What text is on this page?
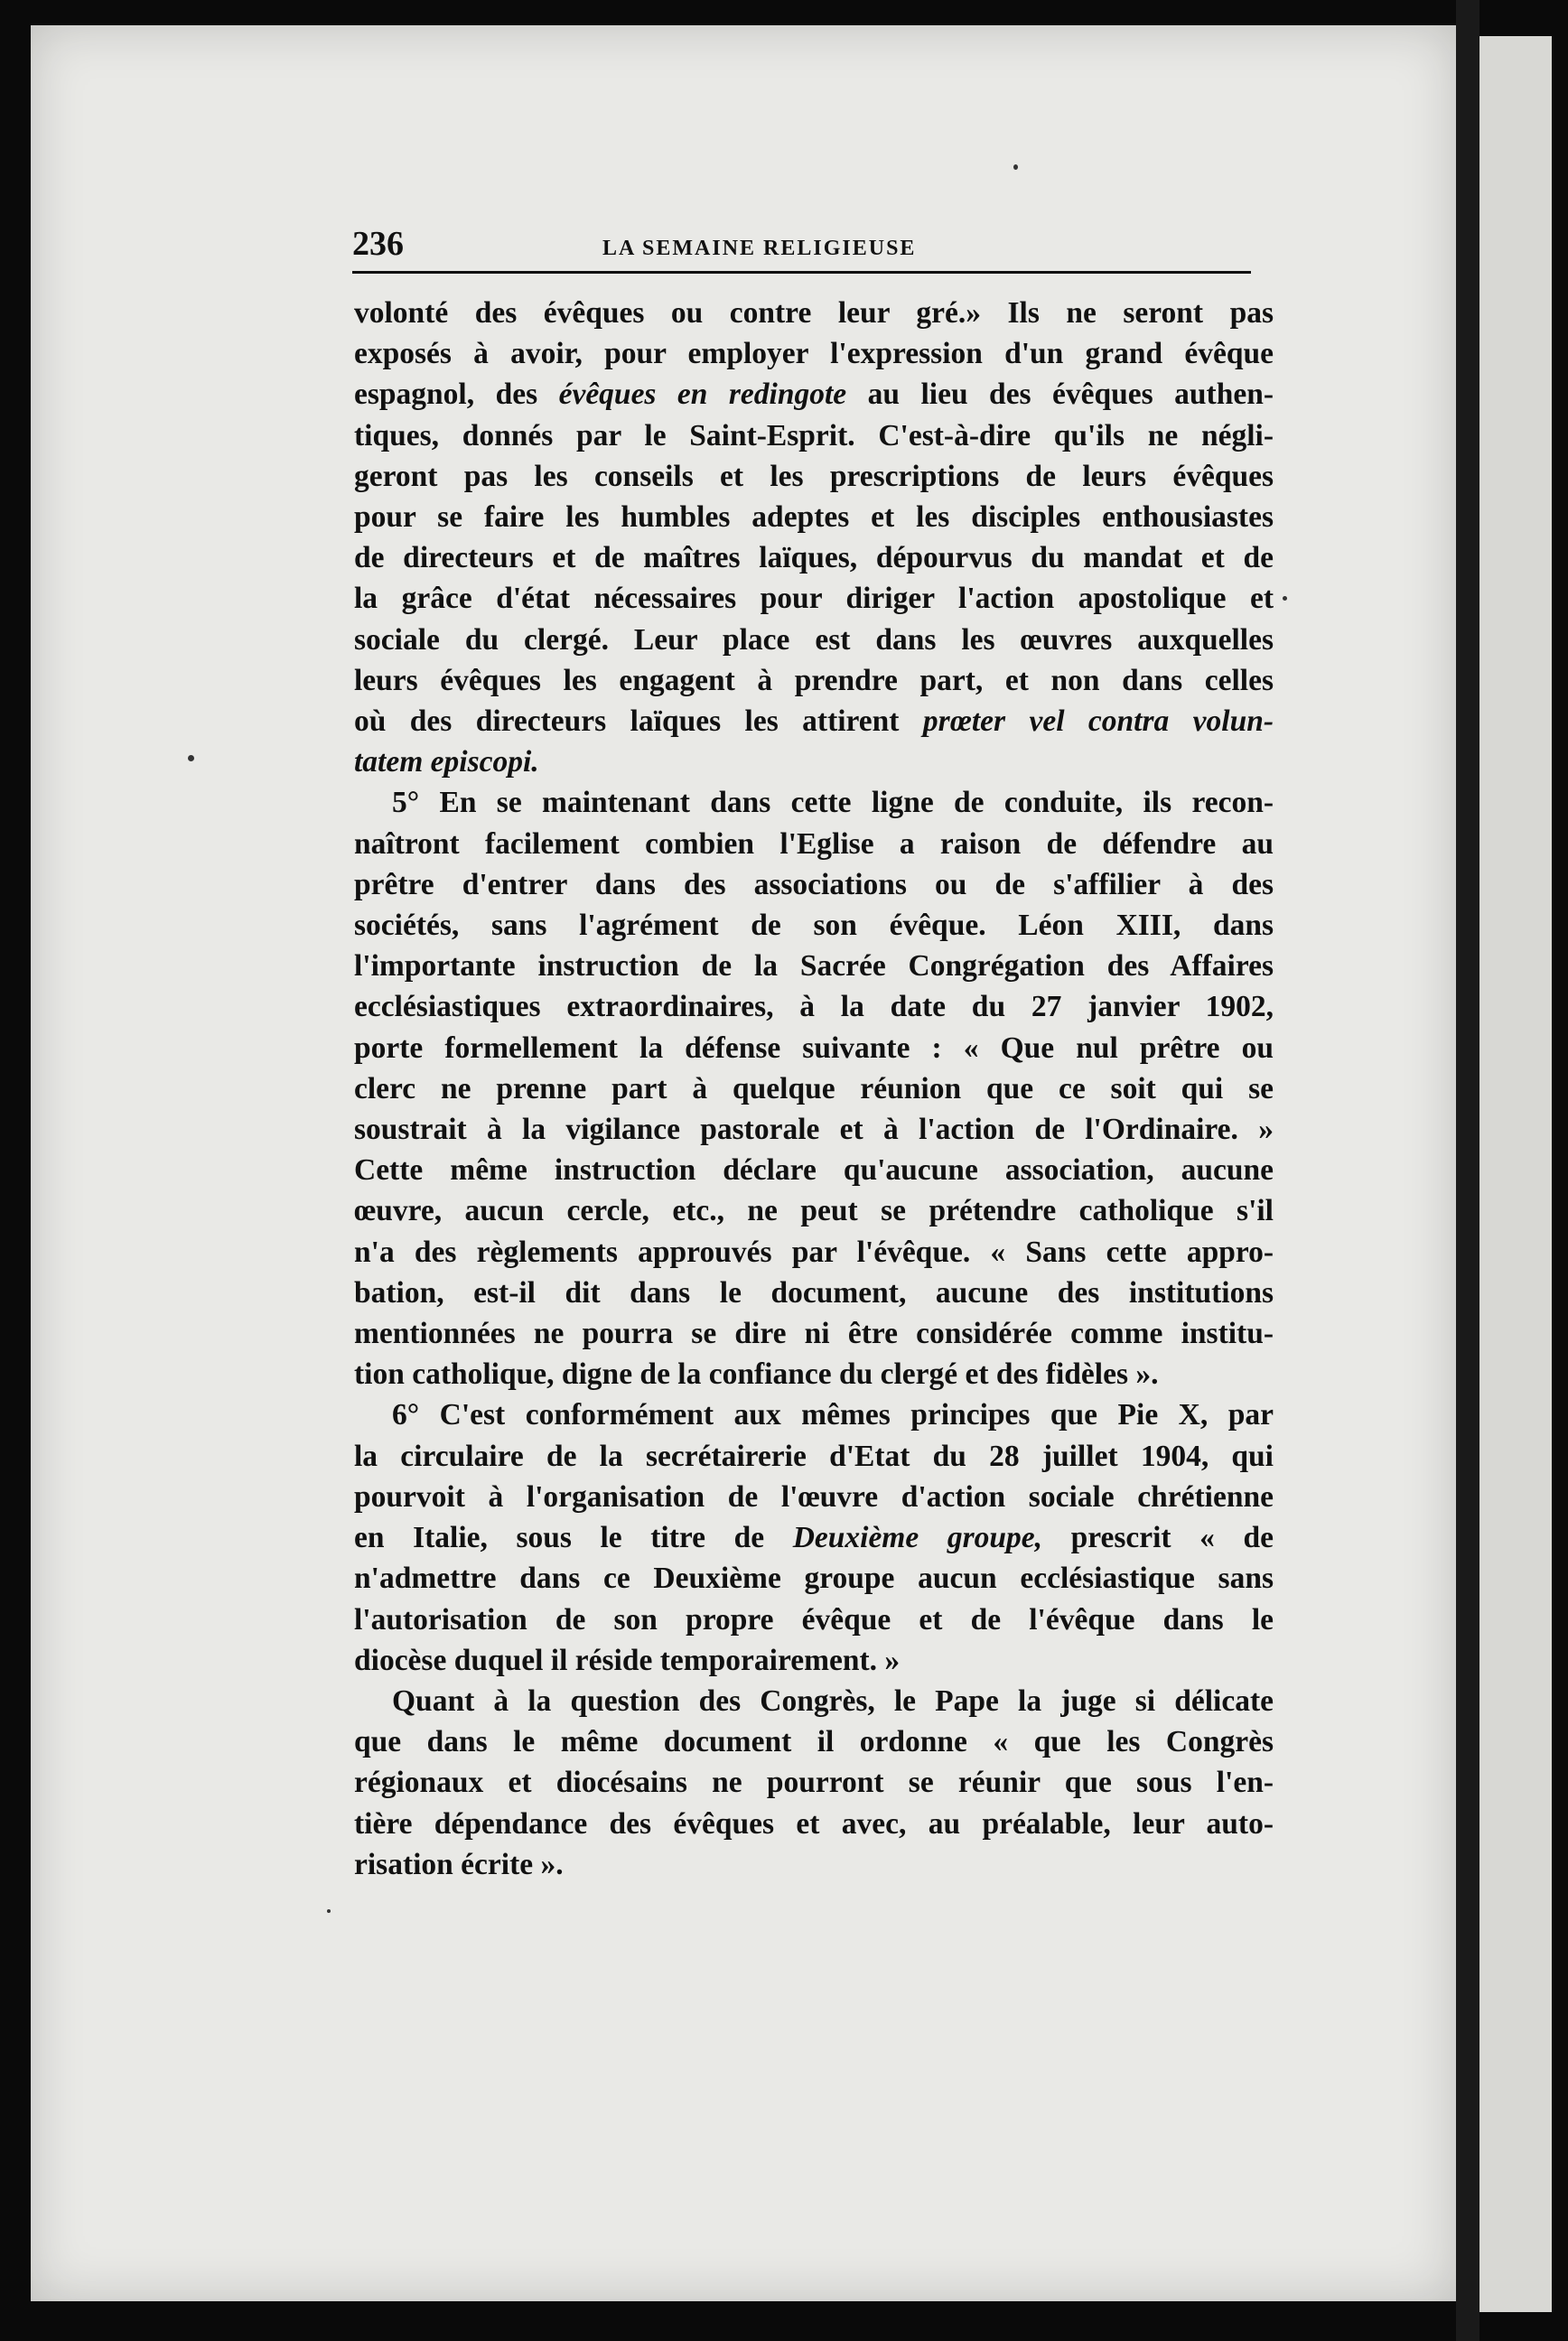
236	LA SEMAINE RELIGIEUSE
volonté des évêques ou contre leur gré.» Ils ne seront pas
exposés à avoir, pour employer l'expression d'un grand évêque
espagnol, des évêques en redingote au lieu des évêques authen-
tiques, donnés par le Saint-Esprit. C'est-à-dire qu'ils ne négli-
geront pas les conseils et les prescriptions de leurs évêques
pour se faire les humbles adeptes et les disciples enthousiastes
de directeurs et de maîtres laïques, dépourvus du mandat et de
la grâce d'état nécessaires pour diriger l'action apostolique et
sociale du clergé. Leur place est dans les œuvres auxquelles
leurs évêques les engagent à prendre part, et non dans celles
où des directeurs laïques les attirent prœter vel contra volun-
tatem episcopi.
5° En se maintenant dans cette ligne de conduite, ils recon-
naîtront facilement combien l'Eglise a raison de défendre au
prêtre d'entrer dans des associations ou de s'affilier à des
sociétés, sans l'agrément de son évêque. Léon XIII, dans
l'importante instruction de la Sacrée Congrégation des Affaires
ecclésiastiques extraordinaires, à la date du 27 janvier 1902,
porte formellement la défense suivante : « Que nul prêtre ou
clerc ne prenne part à quelque réunion que ce soit qui se
soustrait à la vigilance pastorale et à l'action de l'Ordinaire. »
Cette même instruction déclare qu'aucune association, aucune
œuvre, aucun cercle, etc., ne peut se prétendre catholique s'il
n'a des règlements approuvés par l'évêque. « Sans cette appro-
bation, est-il dit dans le document, aucune des institutions
mentionnées ne pourra se dire ni être considérée comme institu-
tion catholique, digne de la confiance du clergé et des fidèles ».
6° C'est conformément aux mêmes principes que Pie X, par
la circulaire de la secrétairerie d'Etat du 28 juillet 1904, qui
pourvoit à l'organisation de l'œuvre d'action sociale chrétienne
en Italie, sous le titre de Deuxième groupe, prescrit « de
n'admettre dans ce Deuxième groupe aucun ecclésiastique sans
l'autorisation de son propre évêque et de l'évêque dans le
diocèse duquel il réside temporairement. »
Quant à la question des Congrès, le Pape la juge si délicate
que dans le même document il ordonne « que les Congrès
régionaux et diocésains ne pourront se réunir que sous l'en-
tière dépendance des évêques et avec, au préalable, leur auto-
risation écrite ».
